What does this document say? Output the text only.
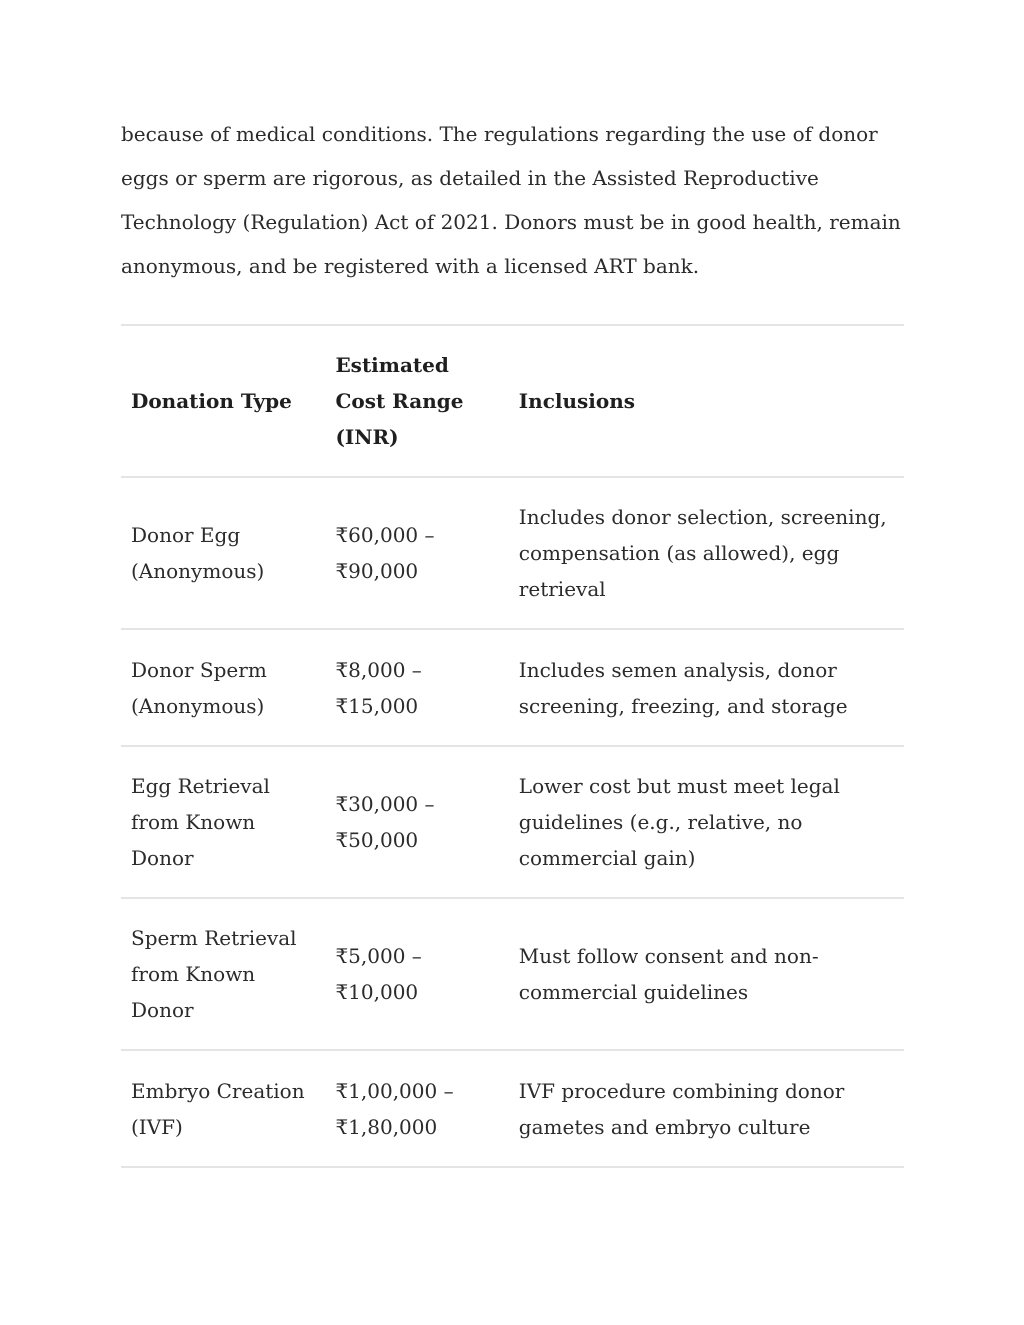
because of medical conditions. The regulations regarding the use of donor eggs or sperm are rigorous, as detailed in the Assisted Reproductive Technology (Regulation) Act of 2021. Donors must be in good health, remain anonymous, and be registered with a licensed ART bank.

Donation Type	Estimated Cost Range (INR)	Inclusions
Donor Egg (Anonymous)	₹60,000 – ₹90,000	Includes donor selection, screening, compensation (as allowed), egg retrieval
Donor Sperm (Anonymous)	₹8,000 – ₹15,000	Includes semen analysis, donor screening, freezing, and storage
Egg Retrieval from Known Donor	₹30,000 – ₹50,000	Lower cost but must meet legal guidelines (e.g., relative, no commercial gain)
Sperm Retrieval from Known Donor	₹5,000 – ₹10,000	Must follow consent and non-commercial guidelines
Embryo Creation (IVF)	₹1,00,000 – ₹1,80,000	IVF procedure combining donor gametes and embryo culture
